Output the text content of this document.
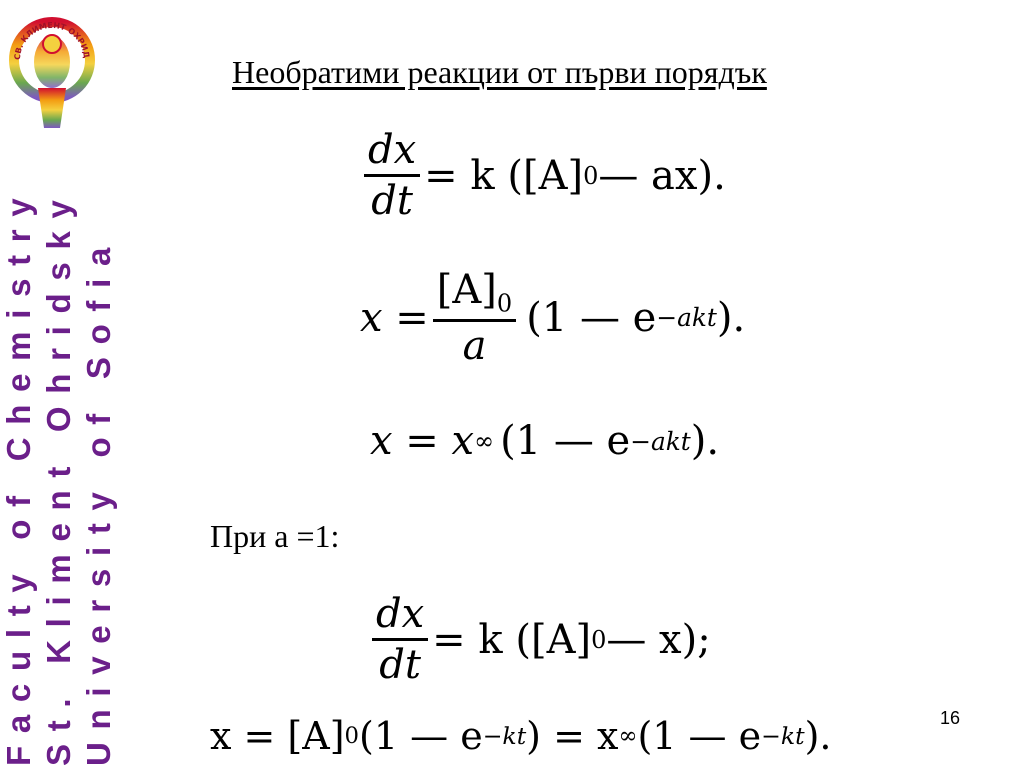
СВ. КЛИМЕНТ ОХРИД
Faculty of Chemistry St. Kliment Ohridsky University of Sofia
Необратими реакции от първи порядък
$\frac{dx}{dt} = k$ ([A] 0 — ax).
$x = \frac{[A]_0}{a} (1$ — e −akt ).
x = x ∞ (1 — e −akt ).
При а =1:
$\frac{dx}{dt} = k$ ([A] 0 — x);
x = [A] 0 (1 — e −kt ) = x ∞ (1 — e −kt ).	16
